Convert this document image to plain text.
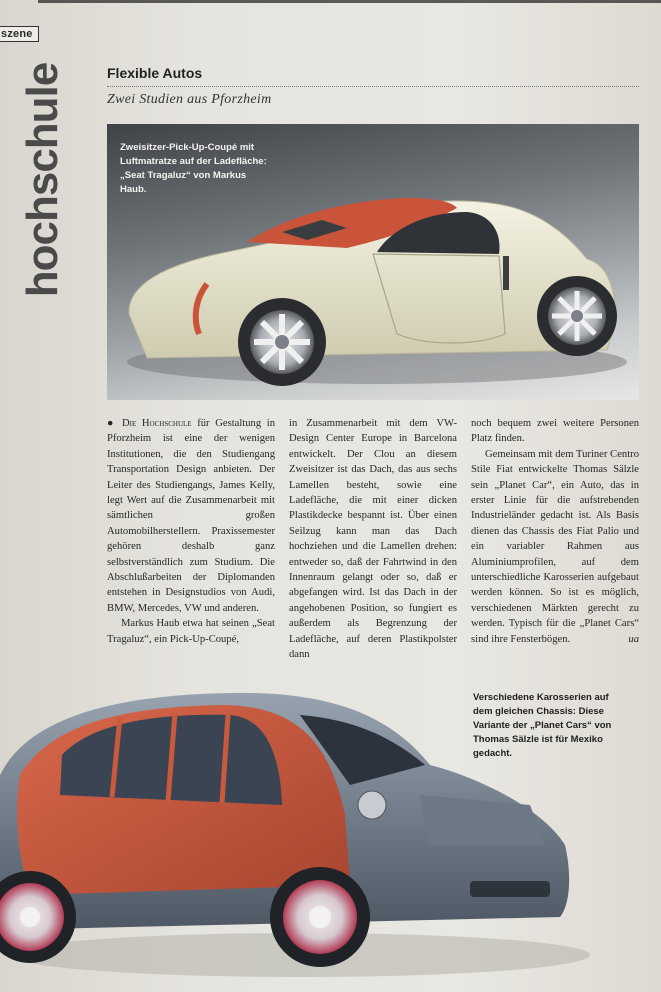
szene
hochschule	Flexible Autos
Zwei Studien aus Pforzheim
Zweisitzer-Pick-Up-Coupé mit Luftmatratze auf der Ladefläche: „Seat Tragaluz“ von Markus Haub.

● Die Hochschule für Gestaltung in Pforzheim ist eine der wenigen Institutionen, die den Studiengang Transportation Design anbieten. Der Leiter des Studiengangs, James Kelly, legt Wert auf die Zusammenarbeit mit sämtlichen großen Automobilherstellern. Praxissemester gehören deshalb ganz selbstverständlich zum Studium. Die Abschlußarbeiten der Diplomanden entstehen in Designstudios von Audi, BMW, Mercedes, VW und anderen.

Markus Haub etwa hat seinen „Seat Tragaluz“, ein Pick-Up-Coupé,

in Zusammenarbeit mit dem VW-Design Center Europe in Barcelona entwickelt. Der Clou an diesem Zweisitzer ist das Dach, das aus sechs Lamellen besteht, sowie eine Ladefläche, die mit einer dicken Plastikdecke bespannt ist. Über einen Seilzug kann man das Dach hochziehen und die Lamellen drehen: entweder so, daß der Fahrtwind in den Innenraum gelangt oder so, daß er abgefangen wird. Ist das Dach in der angehobenen Position, so fungiert es außerdem als Begrenzung der Ladefläche, auf deren Plastikpolster dann

noch bequem zwei weitere Personen Platz finden.

Gemeinsam mit dem Turiner Centro Stile Fiat entwickelte Thomas Sälzle sein „Planet Car“, ein Auto, das in erster Linie für die aufstrebenden Industrieländer gedacht ist. Als Basis dienen das Chassis des Fiat Palio und ein variabler Rahmen aus Aluminiumprofilen, auf dem unterschiedliche Karosserien aufgebaut werden können. So ist es möglich, verschiedenen Märkten gerecht zu werden. Typisch für die „Planet Cars“ sind ihre Fensterbögen.	ua

Verschiedene Karosserien auf dem gleichen Chassis: Diese Variante der „Planet Cars“ von Thomas Sälzle ist für Mexiko gedacht.
